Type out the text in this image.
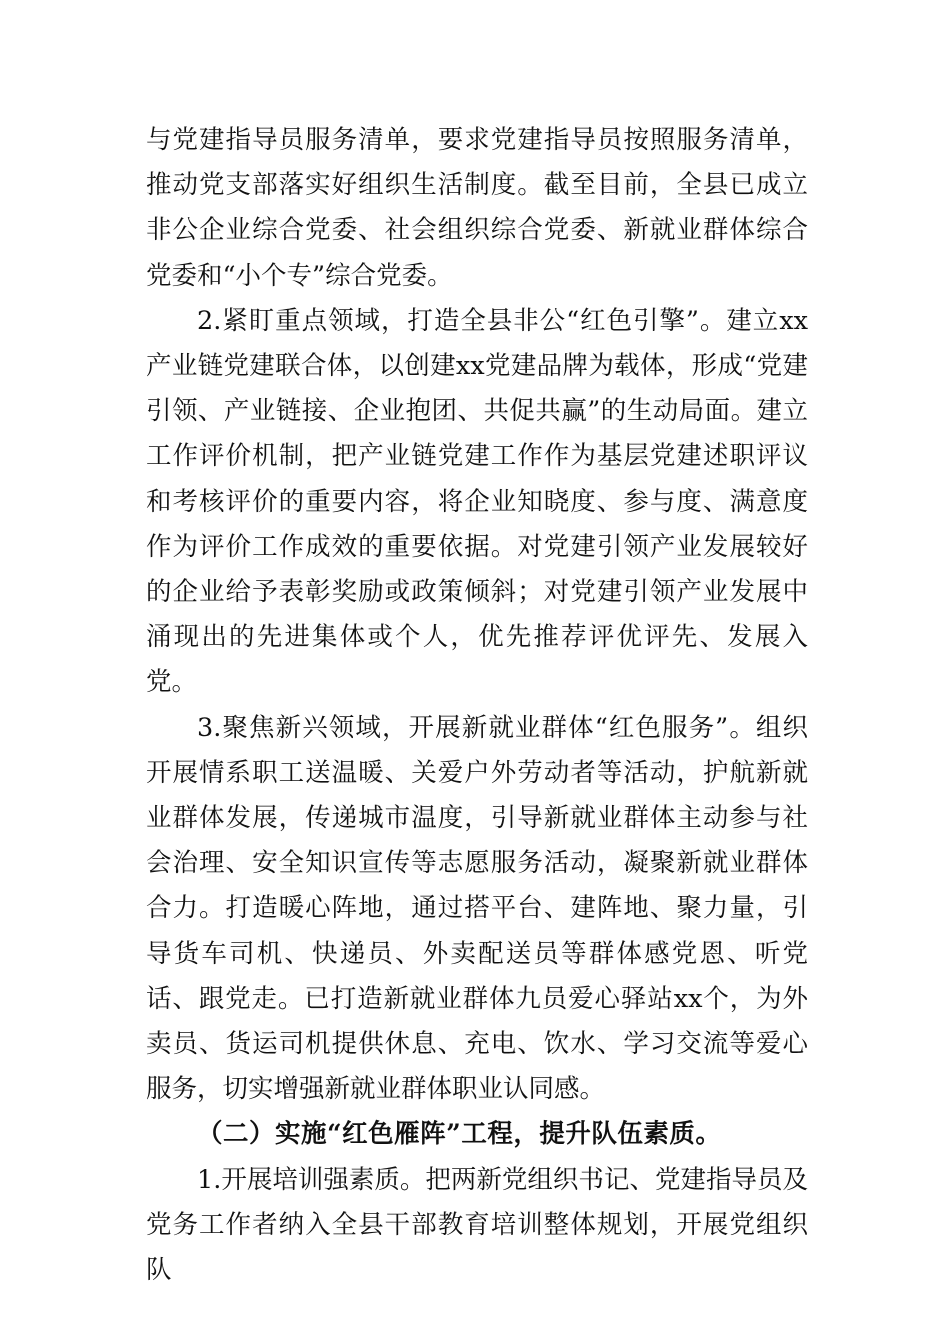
与党建指导员服务清单，要求党建指导员按照服务清单，推动党支部落实好组织生活制度。截至目前，全县已成立非公企业综合党委、社会组织综合党委、新就业群体综合党委和“小个专”综合党委。

2.紧盯重点领域，打造全县非公“红色引擎”。建立xx产业链党建联合体，以创建xx党建品牌为载体，形成“党建引领、产业链接、企业抱团、共促共赢”的生动局面。建立工作评价机制，把产业链党建工作作为基层党建述职评议和考核评价的重要内容，将企业知晓度、参与度、满意度作为评价工作成效的重要依据。对党建引领产业发展较好的企业给予表彰奖励或政策倾斜；对党建引领产业发展中涌现出的先进集体或个人，优先推荐评优评先、发展入党。

3.聚焦新兴领域，开展新就业群体“红色服务”。组织开展情系职工送温暖、关爱户外劳动者等活动，护航新就业群体发展，传递城市温度，引导新就业群体主动参与社会治理、安全知识宣传等志愿服务活动，凝聚新就业群体合力。打造暖心阵地，通过搭平台、建阵地、聚力量，引导货车司机、快递员、外卖配送员等群体感党恩、听党话、跟党走。已打造新就业群体九员爱心驿站xx个，为外卖员、货运司机提供休息、充电、饮水、学习交流等爱心服务，切实增强新就业群体职业认同感。

（二）实施“红色雁阵”工程，提升队伍素质。

1.开展培训强素质。把两新党组织书记、党建指导员及党务工作者纳入全县干部教育培训整体规划，开展党组织队
